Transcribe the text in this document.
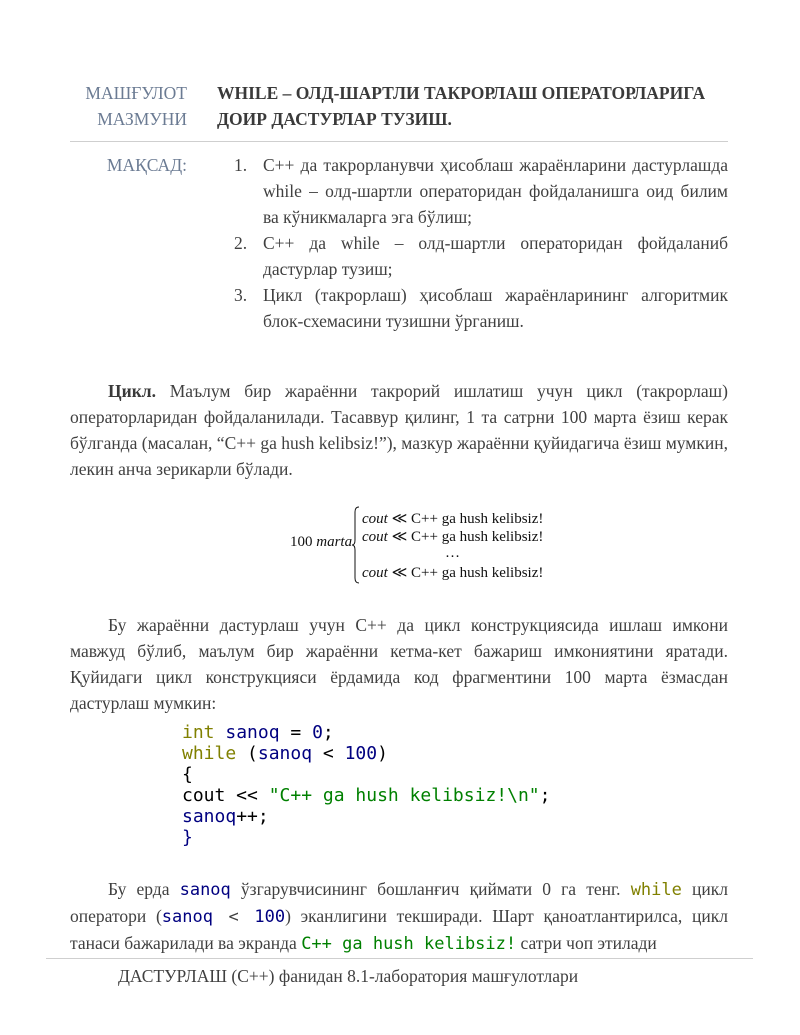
МАШҒУЛОТ
МАЗМУНИ
WHILE – ОЛД-ШАРТЛИ ТАКРОРЛАШ ОПЕРАТОРЛАРИГА
ДОИР ДАСТУРЛАР ТУЗИШ.
МАҚСАД:	1. C++ да такрорланувчи ҳисоблаш жараёнларини дастурлашда while – олд-шартли операторидан фойдаланишга оид билим ва кўникмаларга эга бўлиш;
2. C++ да while – олд-шартли операторидан фойдаланиб дастурлар тузиш;
3. Цикл (такрорлаш) ҳисоблаш жараёнларининг алгоритмик блок-схемасини тузишни ўрганиш.
Цикл. Маълум бир жараённи такрорий ишлатиш учун цикл (такрорлаш) операторларидан фойдаланилади. Тасаввур қилинг, 1 та сатрни 100 марта ёзиш керак бўлганда (масалан, “C++ ga hush kelibsiz!”), мазкур жараённи қуйидагича ёзиш мумкин, лекин анча зерикарли бўлади.
100 marta
cout ≪ C++ ga hush kelibsiz!
cout ≪ C++ ga hush kelibsiz!
…
cout ≪ C++ ga hush kelibsiz!
Бу жараённи дастурлаш учун C++ да цикл конструкциясида ишлаш имкони мавжуд бўлиб, маълум бир жараённи кетма-кет бажариш имкониятини яратади. Қуйидаги цикл конструкцияси ёрдамида код фрагментини 100 марта ёзмасдан дастурлаш мумкин:
int sanoq = 0;
while (sanoq < 100)
{
cout << "C++ ga hush kelibsiz!\n";
sanoq++;
}
Бу ерда sanoq ўзгарувчисининг бошланғич қиймати 0 га тенг. while цикл оператори (sanoq < 100) эканлигини текширади. Шарт қаноатлантирилса, цикл танаси бажарилади ва экранда C++ ga hush kelibsiz! сатри чоп этилади
ДАСТУРЛАШ (C++) фанидан 8.1-лаборатория машғулотлари
